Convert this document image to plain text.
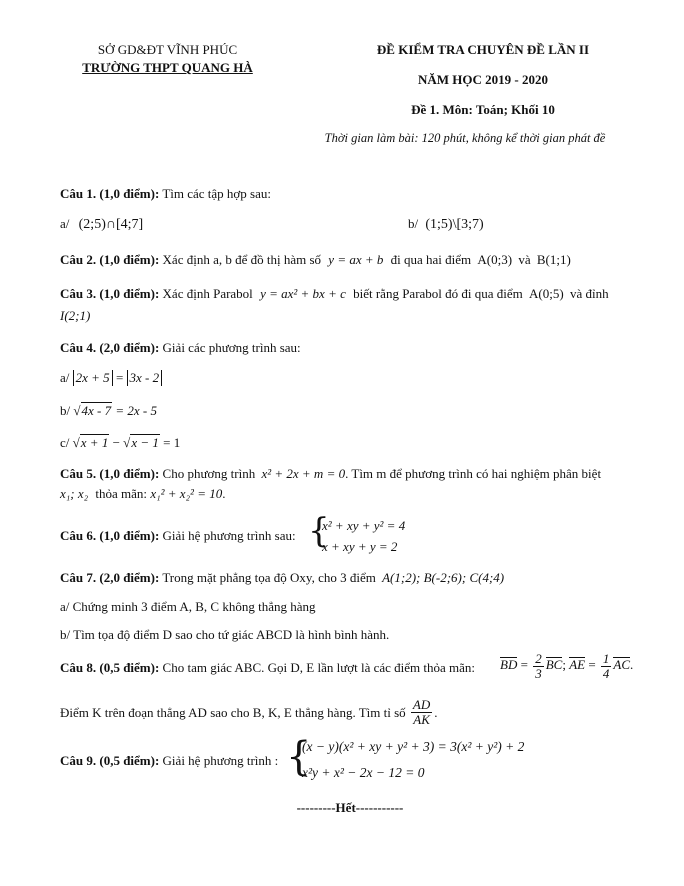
SỞ GD&ĐT VĨNH PHÚC
TRƯỜNG THPT QUANG HÀ
ĐỀ KIỂM TRA CHUYÊN ĐỀ LẦN II
NĂM HỌC 2019 - 2020
Đề 1. Môn: Toán; Khối 10
Thời gian làm bài: 120 phút, không kể thời gian phát đề
Câu 1. (1,0 điểm): Tìm các tập hợp sau:
a/ (2;5)∩[4;7]	b/ (1;5)\[3;7)
Câu 2. (1,0 điểm): Xác định a, b để đồ thị hàm số y = ax + b đi qua hai điểm A(0;3) và B(1;1)
Câu 3. (1,0 điểm): Xác định Parabol y = ax² + bx + c biết rằng Parabol đó đi qua điểm A(0;5) và đỉnh
I(2;1)
Câu 4. (2,0 điểm): Giải các phương trình sau:
a/ 2x + 5 = 3x - 2
b/ √4x - 7 = 2x - 5
c/ √x + 1 − √x − 1 = 1
Câu 5. (1,0 điểm): Cho phương trình x² + 2x + m = 0. Tìm m để phương trình có hai nghiệm phân biệt
x₁; x₂ thỏa mãn: x₁² + x₂² = 10.
Câu 6. (1,0 điểm): Giải hệ phương trình sau: {
x² + xy + y² = 4
x + xy + y = 2
Câu 7. (2,0 điểm): Trong mặt phẳng tọa độ Oxy, cho 3 điểm A(1;2); B(-2;6); C(4;4)
a/ Chứng minh 3 điểm A, B, C không thẳng hàng
b/ Tìm tọa độ điểm D sao cho tứ giác ABCD là hình bình hành.
Câu 8. (0,5 điểm): Cho tam giác ABC. Gọi D, E lần lượt là các điểm thỏa mãn: BD = $\frac{2}{3}$ BC; AE = $\frac{1}{4}$ AC.
Điểm K trên đoạn thẳng AD sao cho B, K, E thẳng hàng. Tìm tỉ số $\frac{AD}{AK}$ .
Câu 9. (0,5 điểm): Giải hệ phương trình : {
(x − y)(x² + xy + y² + 3) = 3(x² + y²) + 2
x²y + x² − 2x − 12 = 0
---------Hết-----------
